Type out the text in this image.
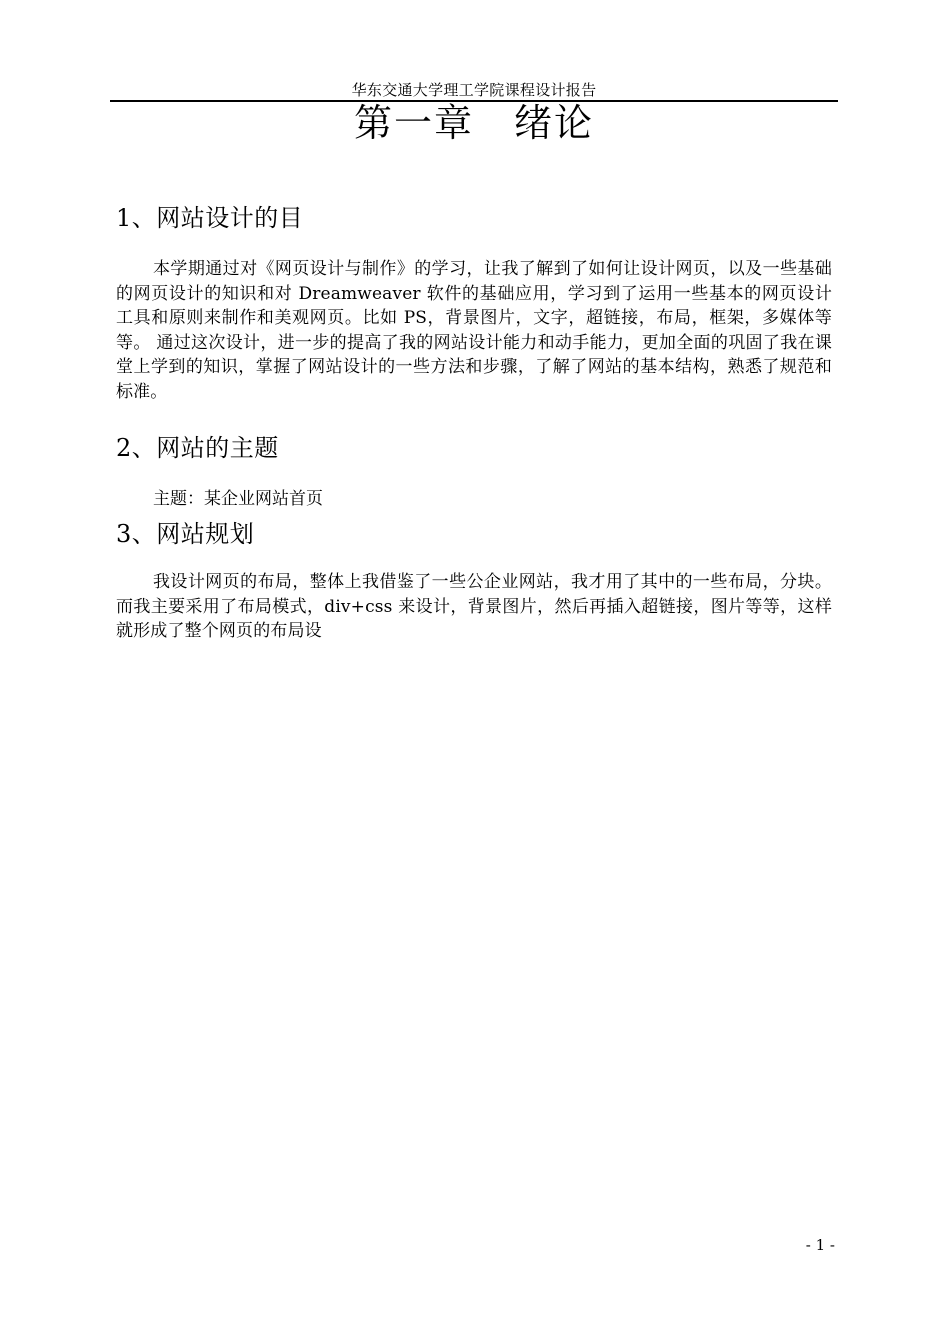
华东交通大学理工学院课程设计报告
第一章　绪论
1、网站设计的目
本学期通过对《网页设计与制作》的学习，让我了解到了如何让设计网页，以及一些基础的网页设计的知识和对 Dreamweaver 软件的基础应用，学习到了运用一些基本的网页设计工具和原则来制作和美观网页。比如 PS，背景图片，文字，超链接，布局，框架，多媒体等等。 通过这次设计，进一步的提高了我的网站设计能力和动手能力，更加全面的巩固了我在课堂上学到的知识，掌握了网站设计的一些方法和步骤，了解了网站的基本结构，熟悉了规范和标准。
2、网站的主题
主题：某企业网站首页
3、网站规划
我设计网页的布局，整体上我借鉴了一些公企业网站，我才用了其中的一些布局，分块。而我主要采用了布局模式，div+css 来设计，背景图片，然后再插入超链接，图片等等，这样就形成了整个网页的布局设
- 1 -
